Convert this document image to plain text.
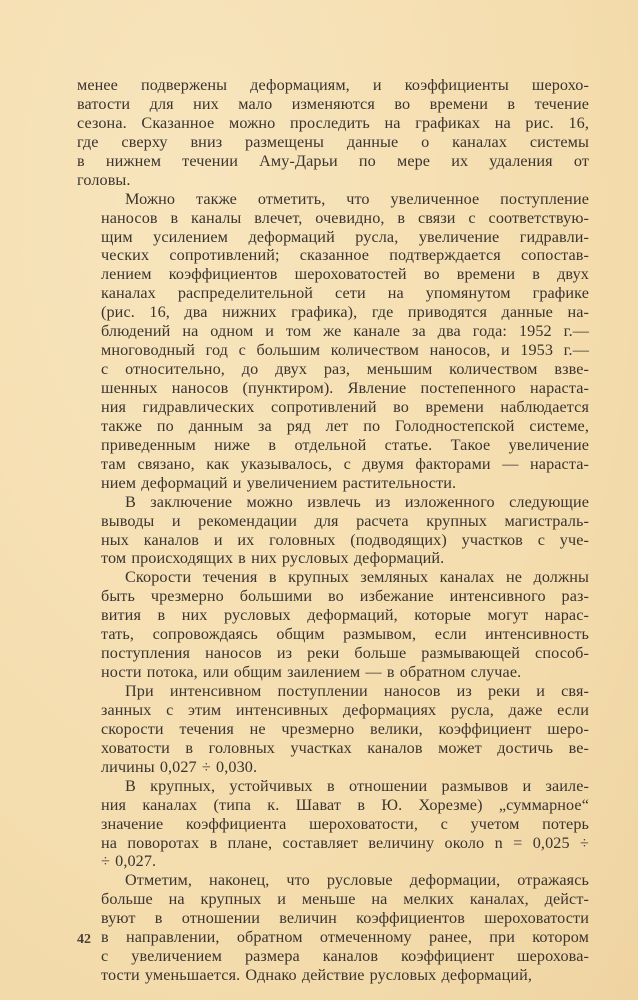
менее подвержены деформациям, и коэффициенты шерохо-
ватости для них мало изменяются во времени в течение
сезона. Сказанное можно проследить на графиках на рис. 16,
где сверху вниз размещены данные о каналах системы
в нижнем течении Аму-Дарьи по мере их удаления от
головы.
Можно также отметить, что увеличенное поступление
наносов в каналы влечет, очевидно, в связи с соответствую-
щим усилением деформаций русла, увеличение гидравли-
ческих сопротивлений; сказанное подтверждается сопостав-
лением коэффициентов шероховатостей во времени в двух
каналах распределительной сети на упомянутом графике
(рис. 16, два нижних графика), где приводятся данные на-
блюдений на одном и том же канале за два года: 1952 г.—
многоводный год с большим количеством наносов, и 1953 г.—
с относительно, до двух раз, меньшим количеством взве-
шенных наносов (пунктиром). Явление постепенного нараста-
ния гидравлических сопротивлений во времени наблюдается
также по данным за ряд лет по Голодностепской системе,
приведенным ниже в отдельной статье. Такое увеличение
там связано, как указывалось, с двумя факторами — нараста-
нием деформаций и увеличением растительности.
В заключение можно извлечь из изложенного следующие
выводы и рекомендации для расчета крупных магистраль-
ных каналов и их головных (подводящих) участков с уче-
том происходящих в них русловых деформаций.
Скорости течения в крупных земляных каналах не должны
быть чрезмерно большими во избежание интенсивного раз-
вития в них русловых деформаций, которые могут нарас-
тать, сопровождаясь общим размывом, если интенсивность
поступления наносов из реки больше размывающей способ-
ности потока, или общим заилением — в обратном случае.
При интенсивном поступлении наносов из реки и свя-
занных с этим интенсивных деформациях русла, даже если
скорости течения не чрезмерно велики, коэффициент шеро-
ховатости в головных участках каналов может достичь ве-
личины 0,027 ÷ 0,030.
В крупных, устойчивых в отношении размывов и заиле-
ния каналах (типа к. Шават в Ю. Хорезме) „суммарное“
значение коэффициента шероховатости, с учетом потерь
на поворотах в плане, составляет величину около n = 0,025 ÷
÷ 0,027.
Отметим, наконец, что русловые деформации, отражаясь
больше на крупных и меньше на мелких каналах, дейст-
вуют в отношении величин коэффициентов шероховатости
в направлении, обратном отмеченному ранее, при котором
с увеличением размера каналов коэффициент шерохова-
тости уменьшается. Однако действие русловых деформаций,
42
